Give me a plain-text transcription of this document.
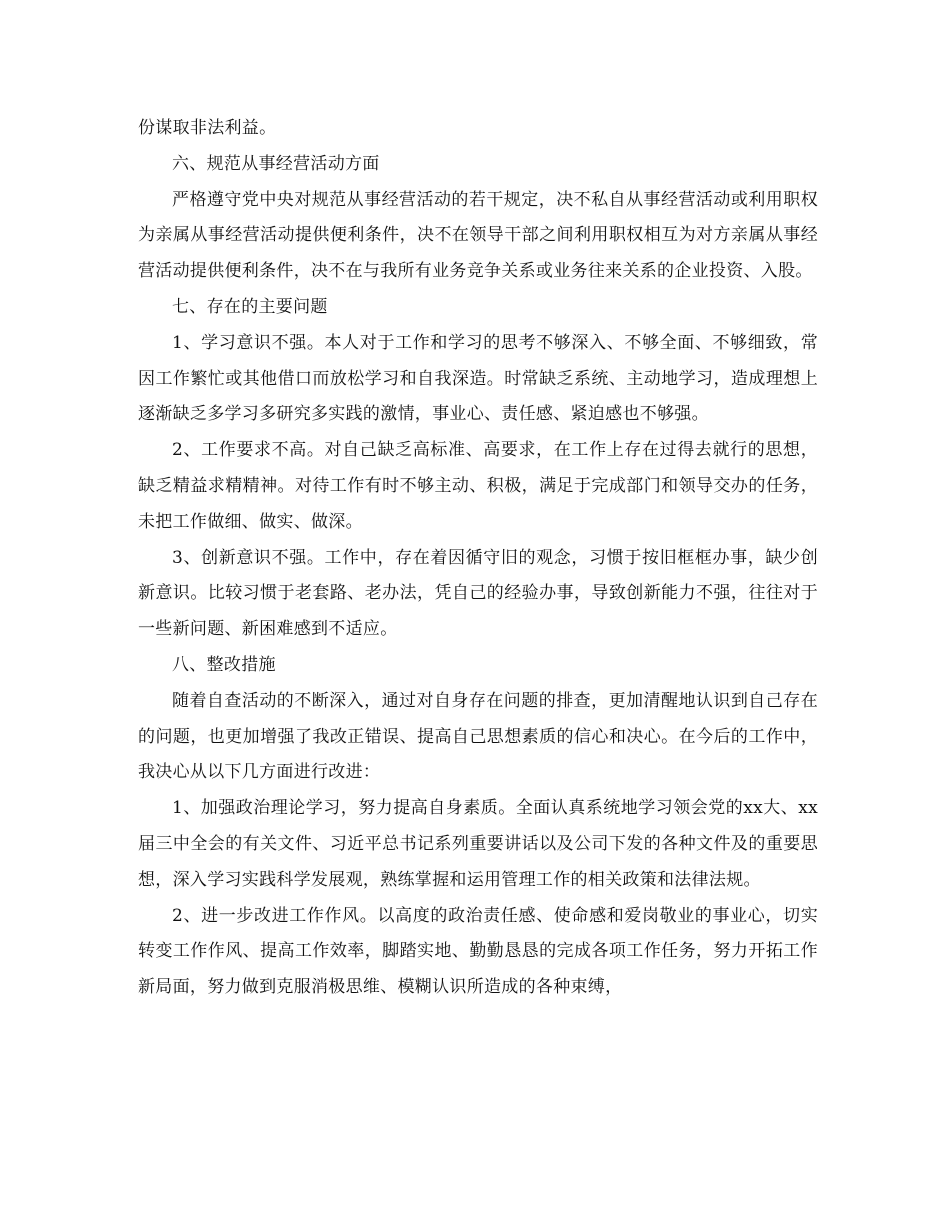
份谋取非法利益。

六、规范从事经营活动方面

严格遵守党中央对规范从事经营活动的若干规定，决不私自从事经营活动或利用职权为亲属从事经营活动提供便利条件，决不在领导干部之间利用职权相互为对方亲属从事经营活动提供便利条件，决不在与我所有业务竞争关系或业务往来关系的企业投资、入股。

七、存在的主要问题

1、学习意识不强。本人对于工作和学习的思考不够深入、不够全面、不够细致，常因工作繁忙或其他借口而放松学习和自我深造。时常缺乏系统、主动地学习，造成理想上逐渐缺乏多学习多研究多实践的激情，事业心、责任感、紧迫感也不够强。

2、工作要求不高。对自己缺乏高标准、高要求，在工作上存在过得去就行的思想，缺乏精益求精精神。对待工作有时不够主动、积极，满足于完成部门和领导交办的任务，未把工作做细、做实、做深。

3、创新意识不强。工作中，存在着因循守旧的观念，习惯于按旧框框办事，缺少创新意识。比较习惯于老套路、老办法，凭自己的经验办事，导致创新能力不强，往往对于一些新问题、新困难感到不适应。

八、整改措施

随着自查活动的不断深入，通过对自身存在问题的排查，更加清醒地认识到自己存在的问题，也更加增强了我改正错误、提高自己思想素质的信心和决心。在今后的工作中，我决心从以下几方面进行改进：

1、加强政治理论学习，努力提高自身素质。全面认真系统地学习领会党的xx大、xx届三中全会的有关文件、习近平总书记系列重要讲话以及公司下发的各种文件及的重要思想，深入学习实践科学发展观，熟练掌握和运用管理工作的相关政策和法律法规。

2、进一步改进工作作风。以高度的政治责任感、使命感和爱岗敬业的事业心，切实转变工作作风、提高工作效率，脚踏实地、勤勤恳恳的完成各项工作任务，努力开拓工作新局面，努力做到克服消极思维、模糊认识所造成的各种束缚，
